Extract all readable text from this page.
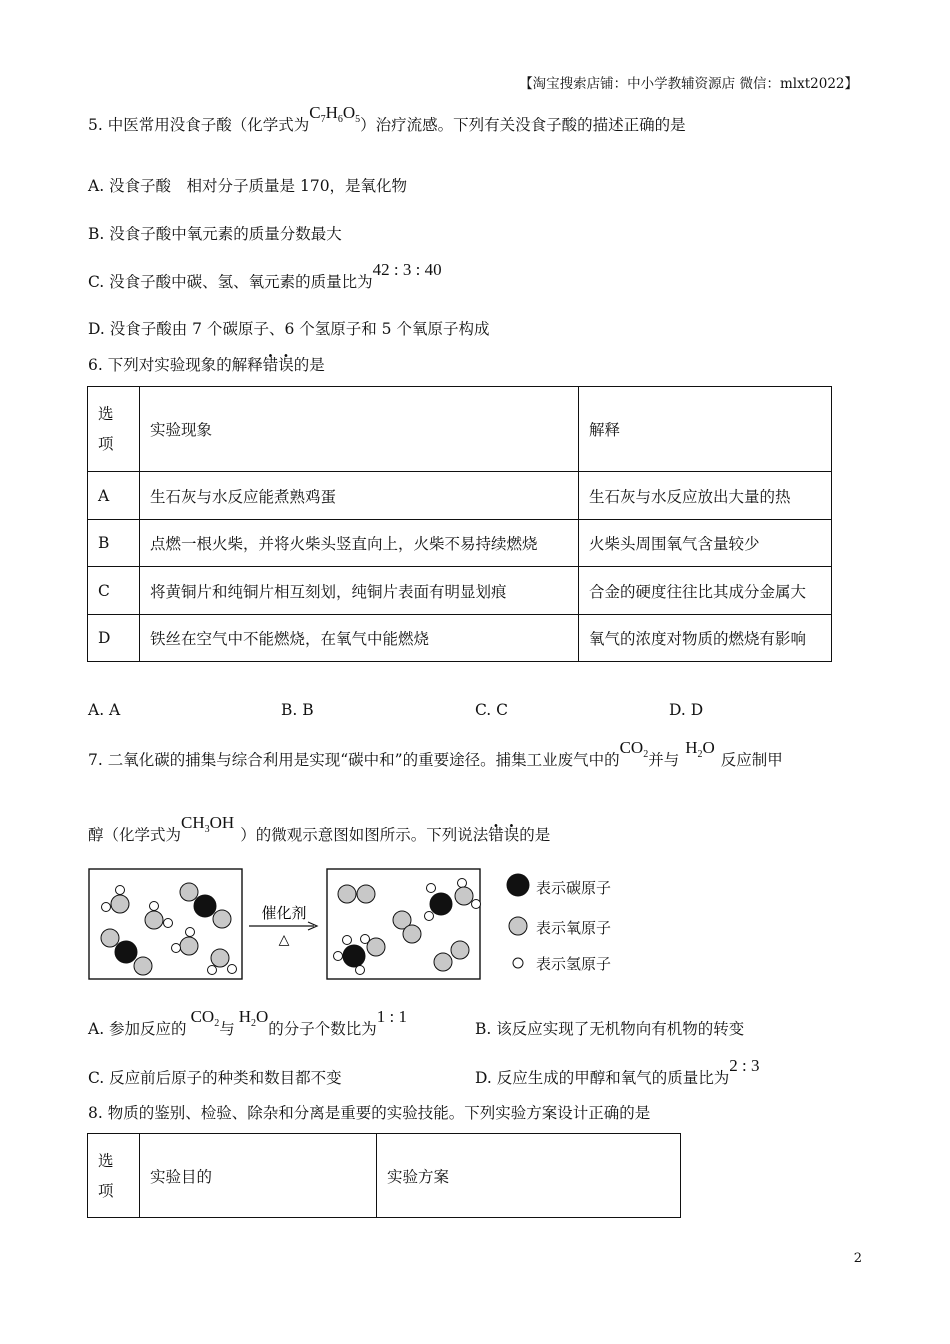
【淘宝搜索店铺：中小学教辅资源店 微信：mlxt2022】
5. 中医常用没食子酸（化学式为$C_7H_6O_5$）治疗流感。下列有关没食子酸的描述正确的是
A. 没食子酸　相对分子质量是 170，是氧化物
B. 没食子酸中氧元素的质量分数最大
C. 没食子酸中碳、氢、氧元素的质量比为42 : 3 : 40
D. 没食子酸由 7 个碳原子、6 个氢原子和 5 个氧原子构成
6. 下列对实验现象的解释错误的是
选
项	实验现象	解释
A	生石灰与水反应能煮熟鸡蛋	生石灰与水反应放出大量的热
B	点燃一根火柴，并将火柴头竖直向上，火柴不易持续燃烧	火柴头周围氧气含量较少
C	将黄铜片和纯铜片相互刻划，纯铜片表面有明显划痕	合金的硬度往往比其成分金属大
D	铁丝在空气中不能燃烧，在氧气中能燃烧	氧气的浓度对物质的燃烧有影响
A. A	B. B	C. C	D. D
7. 二氧化碳的捕集与综合利用是实现“碳中和”的重要途径。捕集工业废气中的$CO_2$并与$H_2O$反应制甲
醇（化学式为$CH_3OH$）的微观示意图如图所示。下列说法错误的是
催化剂
△
表示碳原子
表示氧原子
表示氢原子
A. 参加反应的$CO_2$与$H_2O$的分子个数比为1 : 1
B. 该反应实现了无机物向有机物的转变
C. 反应前后原子的种类和数目都不变	D. 反应生成的甲醇和氧气的质量比为2 : 3
8. 物质的鉴别、检验、除杂和分离是重要的实验技能。下列实验方案设计正确的是
选
项
	实验目的	实验方案
2
